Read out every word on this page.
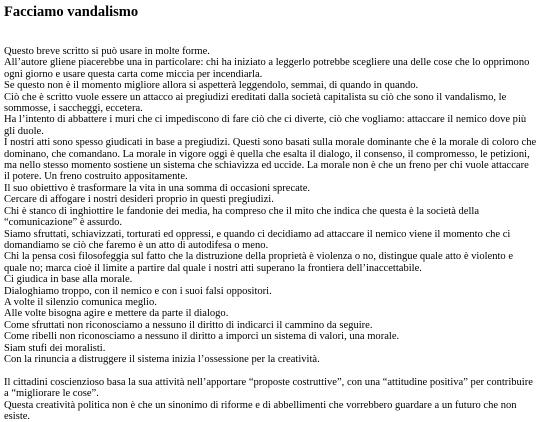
Facciamo vandalismo

Questo breve scritto si può usare in molte forme.

All’autore gliene piacerebbe una in particolare: chi ha iniziato a leggerlo potrebbe scegliere una delle cose che lo opprimono ogni giorno e usare questa carta come miccia per incendiarla.

Se questo non è il momento migliore allora si aspetterà leggendolo, semmai, di quando in quando.

Ciò che è scritto vuole essere un attacco ai pregiudizi ereditati dalla società capitalista su ciò che sono il vandalismo, le sommosse, i saccheggi, eccetera.

Ha l’intento di abbattere i muri che ci impediscono di fare ciò che ci diverte, ciò che vogliamo: attaccare il nemico dove più gli duole.

I nostri atti sono spesso giudicati in base a pregiudizi. Questi sono basati sulla morale dominante che è la morale di coloro che dominano, che comandano. La morale in vigore oggi è quella che esalta il dialogo, il consenso, il compromesso, le petizioni, ma nello stesso momento sostiene un sistema che schiavizza ed uccide. La morale non è che un freno per chi vuole attaccare il potere. Un freno costruito appositamente.

Il suo obiettivo è trasformare la vita in una somma di occasioni sprecate.

Cercare di affogare i nostri desideri proprio in questi pregiudizi.

Chi è stanco di inghiottire le fandonie dei media, ha compreso che il mito che indica che questa è la società della “comunicazione” è assurdo.

Siamo sfruttati, schiavizzati, torturati ed oppressi, e quando ci decidiamo ad attaccare il nemico viene il momento che ci domandiamo se ciò che faremo è un atto di autodifesa o meno.

Chi la pensa così filosofeggia sul fatto che la distruzione della proprietà è violenza o no, distingue quale atto è violento e quale no; marca cioè il limite a partire dal quale i nostri atti superano la frontiera dell’inaccettabile.

Ci giudica in base alla morale.

Dialoghiamo troppo, con il nemico e con i suoi falsi oppositori.

A volte il silenzio comunica meglio.

Alle volte bisogna agire e mettere da parte il dialogo.

Come sfruttati non riconosciamo a nessuno il diritto di indicarci il cammino da seguire.

Come ribelli non riconosciamo a nessuno il diritto a imporci un sistema di valori, una morale.

Siam stufi dei moralisti.

Con la rinuncia a distruggere il sistema inizia l’ossessione per la creatività.

Il cittadini coscienzioso basa la sua attività nell’apportare “proposte costruttive”, con una “attitudine positiva” per contribuire a “migliorare le cose”.

Questa creatività politica non è che un sinonimo di riforme e di abbellimenti che vorrebbero guardare a un futuro che non esiste.
